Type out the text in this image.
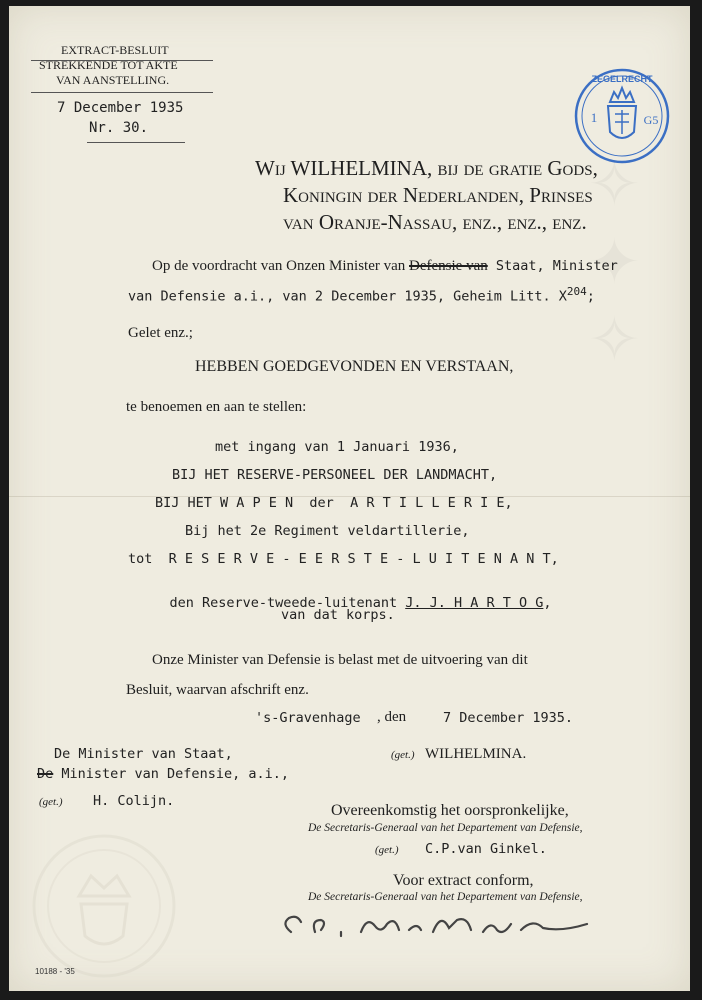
EXTRACT-BESLUIT
STREKKENDE TOT AKTE
VAN AANSTELLING.
7 December 1935
Nr. 30.
ZEGELRECHT
1	G5
Wij WILHELMINA, bij de gratie Gods,
Koningin der Nederlanden, Prinses
van Oranje-Nassau, enz., enz., enz.
Op de voordracht van Onzen Minister van Defensie van Staat, Minister
van Defensie a.i., van 2 December 1935, Geheim Litt. $X^{204}$;
Gelet enz.;
HEBBEN GOEDGEVONDEN EN VERSTAAN,
te benoemen en aan te stellen:
met ingang van 1 Januari 1936,
BIJ HET RESERVE-PERSONEEL DER LANDMACHT,
BIJ HET W A P E N  der  A R T I L L E R I E,
Bij het 2e Regiment veldartillerie,
tot  R E S E R V E - E E R S T E - L U I T E N A N T,

den Reserve-tweede-luitenant J. J. H A R T O G,

van dat korps.
Onze Minister van Defensie is belast met de uitvoering van dit
Besluit, waarvan afschrift enz.
's-Gravenhage , den	7 December 1935.
De Minister van Staat,
De Minister van Defensie, a.i.,
(get.) H. Colijn.
(get.) WILHELMINA.
Overeenkomstig het oorspronkelijke,
De Secretaris-Generaal van het Departement van Defensie,
(get.) C.P.van Ginkel.
Voor extract conform,
De Secretaris-Generaal van het Departement van Defensie,
10188 - '35
